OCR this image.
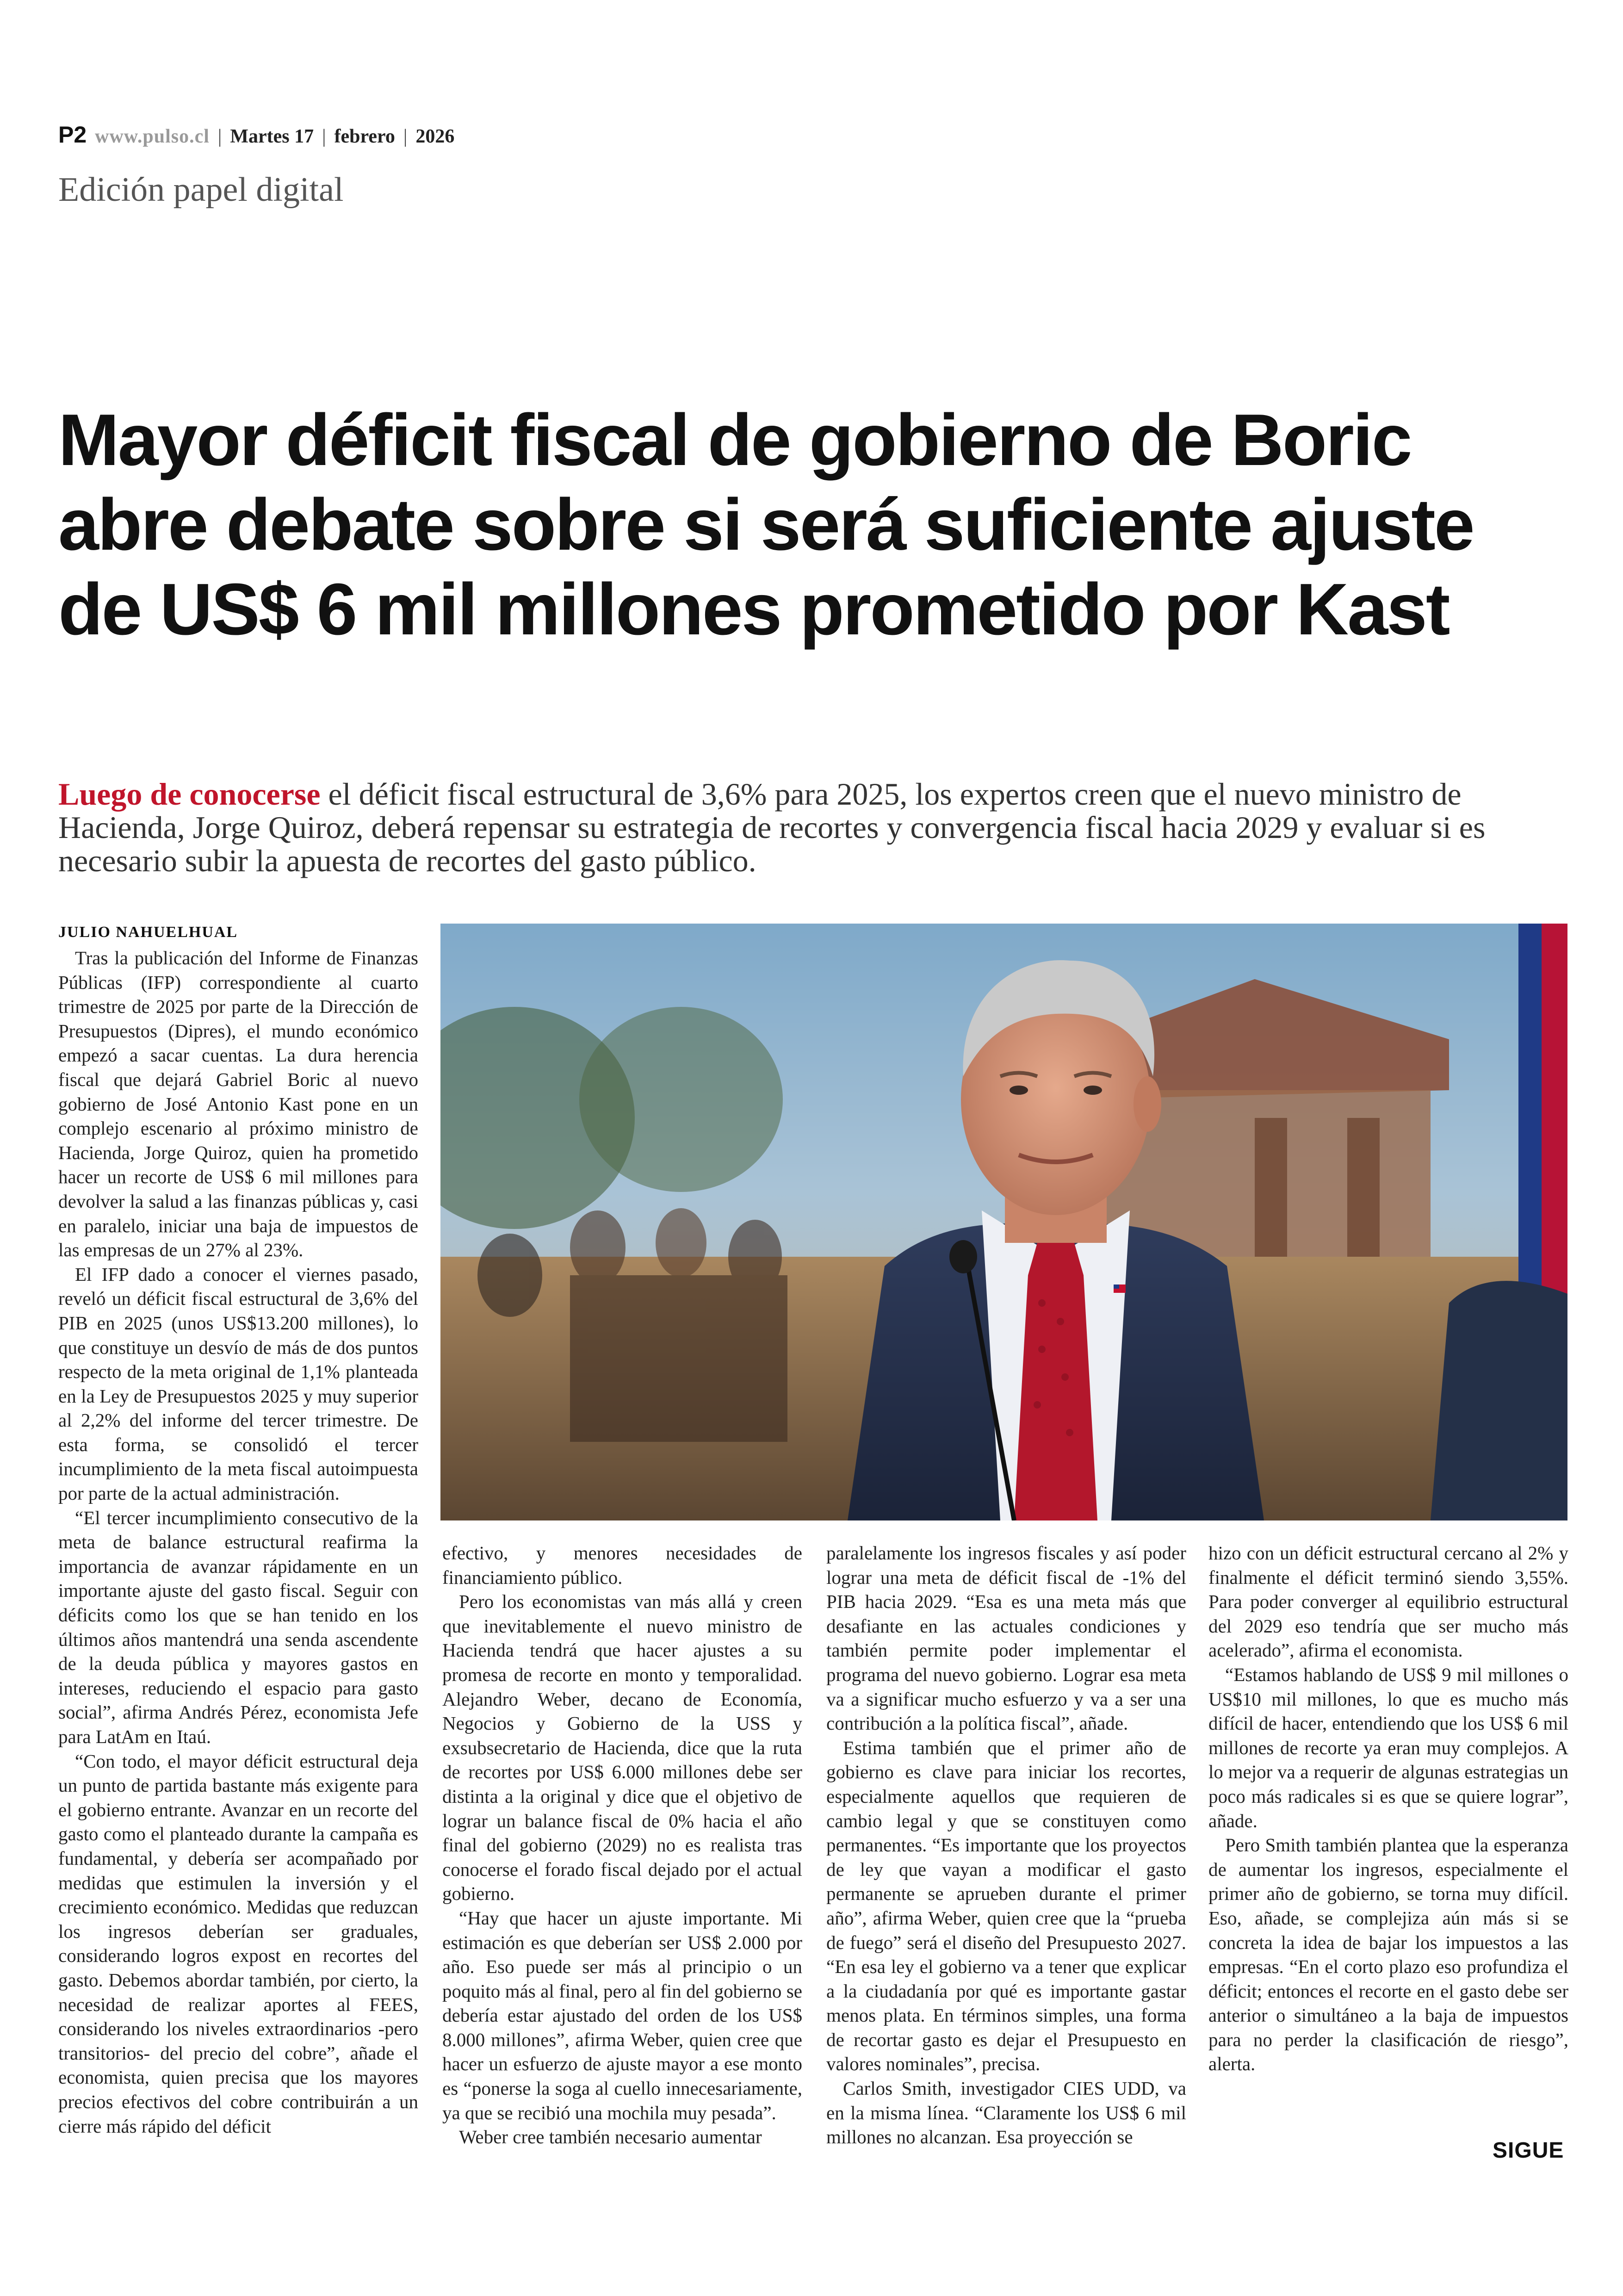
P2 www.pulso.cl | Martes 17 | febrero | 2026
Edición papel digital
Mayor déficit fiscal de gobierno de Boric abre debate sobre si será suficiente ajuste de US$ 6 mil millones prometido por Kast
Luego de conocerse el déficit fiscal estructural de 3,6% para 2025, los expertos creen que el nuevo ministro de Hacienda, Jorge Quiroz, deberá repensar su estrategia de recortes y convergencia fiscal hacia 2029 y evaluar si es necesario subir la apuesta de recortes del gasto público.
JULIO NAHUELHUAL

Tras la publicación del Informe de Finanzas Públicas (IFP) correspondiente al cuarto trimestre de 2025 por parte de la Dirección de Presupuestos (Dipres), el mundo económico empezó a sacar cuentas. La dura herencia fiscal que dejará Gabriel Boric al nuevo gobierno de José Antonio Kast pone en un complejo escenario al próximo ministro de Hacienda, Jorge Quiroz, quien ha prometido hacer un recorte de US$ 6 mil millones para devolver la salud a las finanzas públicas y, casi en paralelo, iniciar una baja de impuestos de las empresas de un 27% al 23%.

El IFP dado a conocer el viernes pasado, reveló un déficit fiscal estructural de 3,6% del PIB en 2025 (unos US$13.200 millones), lo que constituye un desvío de más de dos puntos respecto de la meta original de 1,1% planteada en la Ley de Presupuestos 2025 y muy superior al 2,2% del informe del tercer trimestre. De esta forma, se consolidó el tercer incumplimiento de la meta fiscal autoimpuesta por parte de la actual administración.

“El tercer incumplimiento consecutivo de la meta de balance estructural reafirma la importancia de avanzar rápidamente en un importante ajuste del gasto fiscal. Seguir con déficits como los que se han tenido en los últimos años mantendrá una senda ascendente de la deuda pública y mayores gastos en intereses, reduciendo el espacio para gasto social”, afirma Andrés Pérez, economista Jefe para LatAm en Itaú.

“Con todo, el mayor déficit estructural deja un punto de partida bastante más exigente para el gobierno entrante. Avanzar en un recorte del gasto como el planteado durante la campaña es fundamental, y debería ser acompañado por medidas que estimulen la inversión y el crecimiento económico. Medidas que reduzcan los ingresos deberían ser graduales, considerando logros expost en recortes del gasto. Debemos abordar también, por cierto, la necesidad de realizar aportes al FEES, considerando los niveles extraordinarios -pero transitorios- del precio del cobre”, añade el economista, quien precisa que los mayores precios efectivos del cobre contribuirán a un cierre más rápido del déficit

efectivo, y menores necesidades de financiamiento público.

Pero los economistas van más allá y creen que inevitablemente el nuevo ministro de Hacienda tendrá que hacer ajustes a su promesa de recorte en monto y temporalidad. Alejandro Weber, decano de Economía, Negocios y Gobierno de la USS y exsubsecretario de Hacienda, dice que la ruta de recortes por US$ 6.000 millones debe ser distinta a la original y dice que el objetivo de lograr un balance fiscal de 0% hacia el año final del gobierno (2029) no es realista tras conocerse el forado fiscal dejado por el actual gobierno.

“Hay que hacer un ajuste importante. Mi estimación es que deberían ser US$ 2.000 por año. Eso puede ser más al principio o un poquito más al final, pero al fin del gobierno se debería estar ajustado del orden de los US$ 8.000 millones”, afirma Weber, quien cree que hacer un esfuerzo de ajuste mayor a ese monto es “ponerse la soga al cuello innecesariamente, ya que se recibió una mochila muy pesada”.

Weber cree también necesario aumentar

paralelamente los ingresos fiscales y así poder lograr una meta de déficit fiscal de -1% del PIB hacia 2029. “Esa es una meta más que desafiante en las actuales condiciones y también permite poder implementar el programa del nuevo gobierno. Lograr esa meta va a significar mucho esfuerzo y va a ser una contribución a la política fiscal”, añade.

Estima también que el primer año de gobierno es clave para iniciar los recortes, especialmente aquellos que requieren de cambio legal y que se constituyen como permanentes. “Es importante que los proyectos de ley que vayan a modificar el gasto permanente se aprueben durante el primer año”, afirma Weber, quien cree que la “prueba de fuego” será el diseño del Presupuesto 2027. “En esa ley el gobierno va a tener que explicar a la ciudadanía por qué es importante gastar menos plata. En términos simples, una forma de recortar gasto es dejar el Presupuesto en valores nominales”, precisa.

Carlos Smith, investigador CIES UDD, va en la misma línea. “Claramente los US$ 6 mil millones no alcanzan. Esa proyección se

hizo con un déficit estructural cercano al 2% y finalmente el déficit terminó siendo 3,55%. Para poder converger al equilibrio estructural del 2029 eso tendría que ser mucho más acelerado”, afirma el economista.

“Estamos hablando de US$ 9 mil millones o US$10 mil millones, lo que es mucho más difícil de hacer, entendiendo que los US$ 6 mil millones de recorte ya eran muy complejos. A lo mejor va a requerir de algunas estrategias un poco más radicales si es que se quiere lograr”, añade.

Pero Smith también plantea que la esperanza de aumentar los ingresos, especialmente el primer año de gobierno, se torna muy difícil. Eso, añade, se complejiza aún más si se concreta la idea de bajar los impuestos a las empresas. “En el corto plazo eso profundiza el déficit; entonces el recorte en el gasto debe ser anterior o simultáneo a la baja de impuestos para no perder la clasificación de riesgo”, alerta.

SIGUE
